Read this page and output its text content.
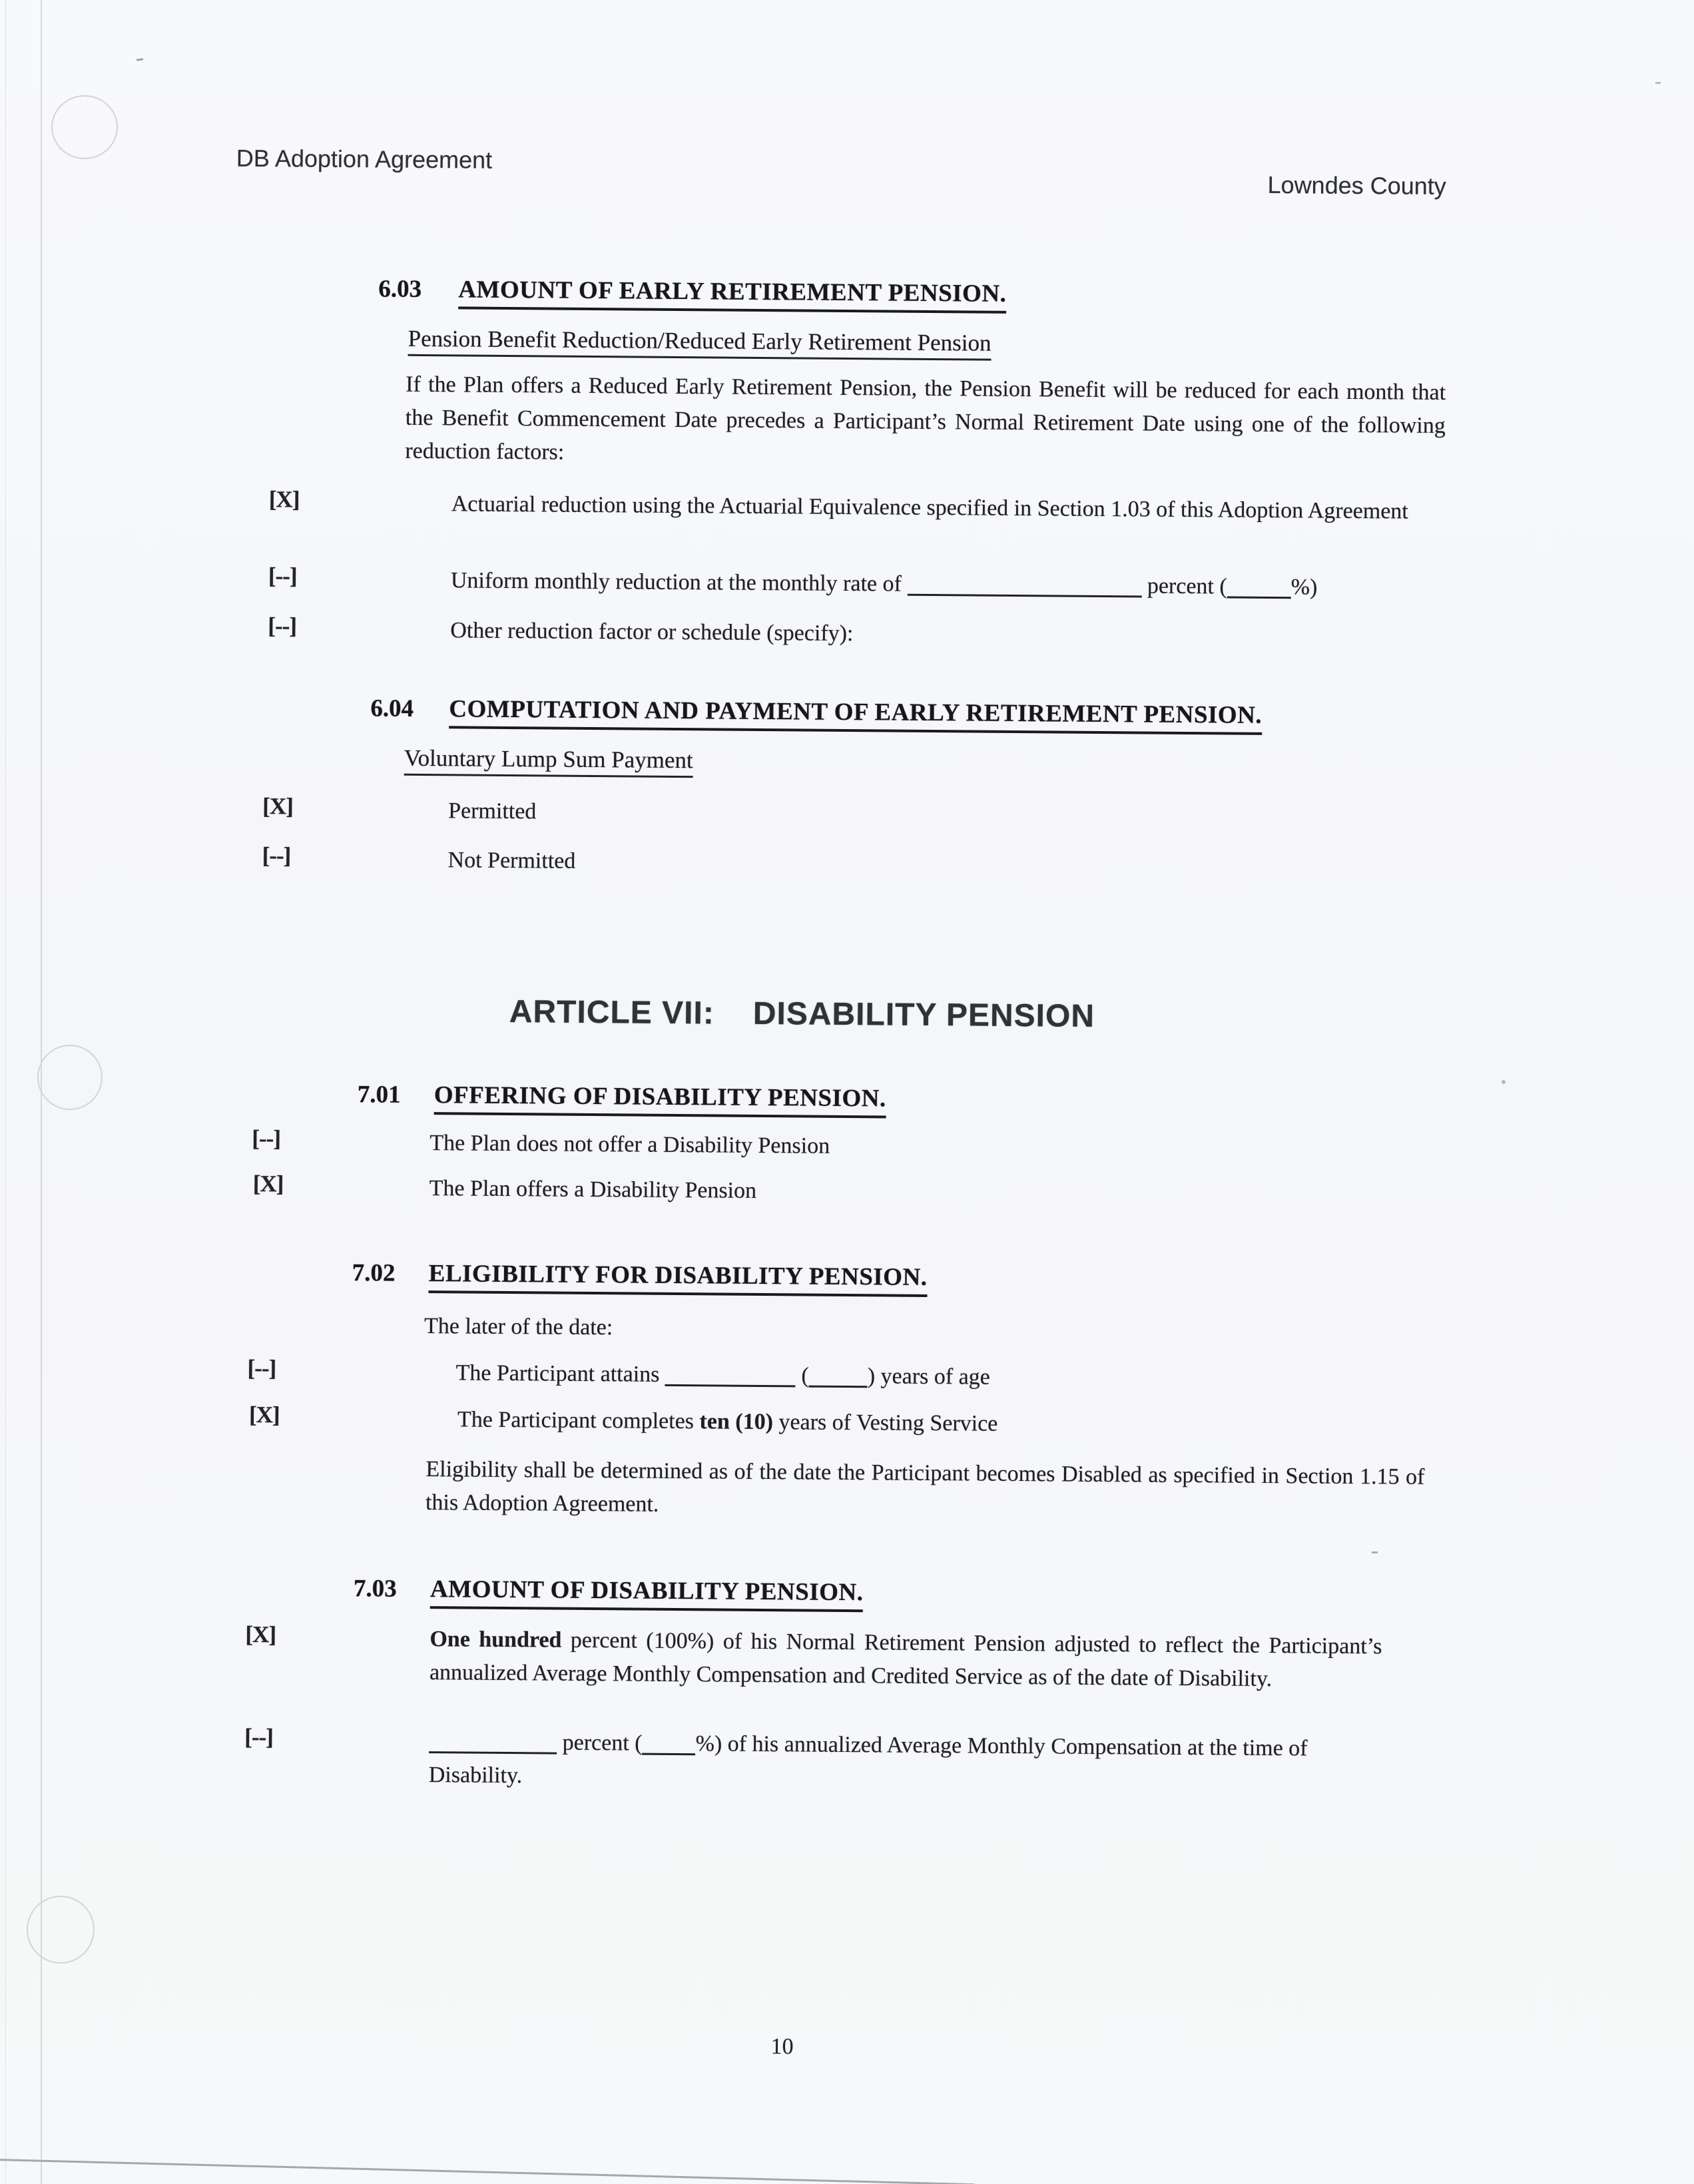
DB Adoption Agreement
Lowndes County
6.03 AMOUNT OF EARLY RETIREMENT PENSION.
Pension Benefit Reduction/Reduced Early Retirement Pension
If the Plan offers a Reduced Early Retirement Pension, the Pension Benefit will be reduced for each month that the Benefit Commencement Date precedes a Participant’s Normal Retirement Date using one of the following reduction factors:
[X]	Actuarial reduction using the Actuarial Equivalence specified in Section 1.03 of this Adoption Agreement
[--]	Uniform monthly reduction at the monthly rate of	percent (	%)
[--]	Other reduction factor or schedule (specify):
6.04 COMPUTATION AND PAYMENT OF EARLY RETIREMENT PENSION.
Voluntary Lump Sum Payment
[X]	Permitted
[--]	Not Permitted
ARTICLE VII: DISABILITY PENSION
7.01 OFFERING OF DISABILITY PENSION.
[--]	The Plan does not offer a Disability Pension
[X]	The Plan offers a Disability Pension
7.02 ELIGIBILITY FOR DISABILITY PENSION.
The later of the date:
[--]	The Participant attains	(	) years of age
[X]	The Participant completes ten (10) years of Vesting Service
Eligibility shall be determined as of the date the Participant becomes Disabled as specified in Section 1.15 of this Adoption Agreement.
7.03 AMOUNT OF DISABILITY PENSION.
[X]	One hundred percent (100%) of his Normal Retirement Pension adjusted to reflect the Participant’s annualized Average Monthly Compensation and Credited Service as of the date of Disability.
[--]	percent ( %) of his annualized Average Monthly Compensation at the time of Disability.
10
